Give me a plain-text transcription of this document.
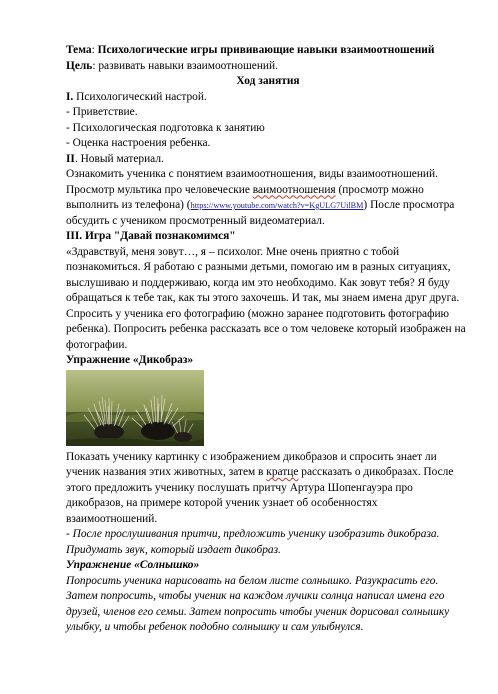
Тема: Психологические игры прививающие навыки взаимоотношений

Цель: развивать навыки взаимоотношений.

Ход занятия

I. Психологический настрой.

- Приветствие.

- Психологическая подготовка к занятию

- Оценка настроения ребенка.

II. Новый материал.

Ознакомить ученика с понятием взаимоотношения, виды взаимоотношений.

Просмотр мультика про человеческие ваимоотношения (просмотр можно выполнить из телефона) (https://www.youtube.com/watch?v=KgULG7UilBM) После просмотра обсудить с учеником просмотренный видеоматериал.

III. Игра "Давай познакомимся"

«Здравствуй, меня зовут…, я – психолог. Мне очень приятно с тобой познакомиться. Я работаю с разными детьми, помогаю им в разных ситуациях, выслушиваю и поддерживаю, когда им это необходимо. Как зовут тебя? Я буду обращаться к тебе так, как ты этого захочешь. И так, мы знаем имена друг друга.

Спросить у ученика его фотографию (можно заранее подготовить фотографию ребенка). Попросить ребенка рассказать все о том человеке который изображен на фотографии.

Упражнение «Дикобраз»

Показать ученику картинку с изображением дикобразов и спросить знает ли ученик названия этих животных, затем в кратце рассказать о дикобразах. После этого предложить ученику послушать притчу Артура Шопенгауэра про дикобразов, на примере которой ученик узнает об особенностях взаимоотношений.

- После прослушивания притчи, предложить ученику изобразить дикобраза. Придумать звук, который издает дикобраз.

Упражнение «Солнышко»

Попросить ученика нарисовать на белом листе солнышко. Разукрасить его. Затем попросить, чтобы ученик на каждом лучики солнца написал имена его друзей, членов его семьи. Затем попросить чтобы ученик дорисовал солнышку улыбку, и чтобы ребенок подобно солнышку и сам улыбнулся.
